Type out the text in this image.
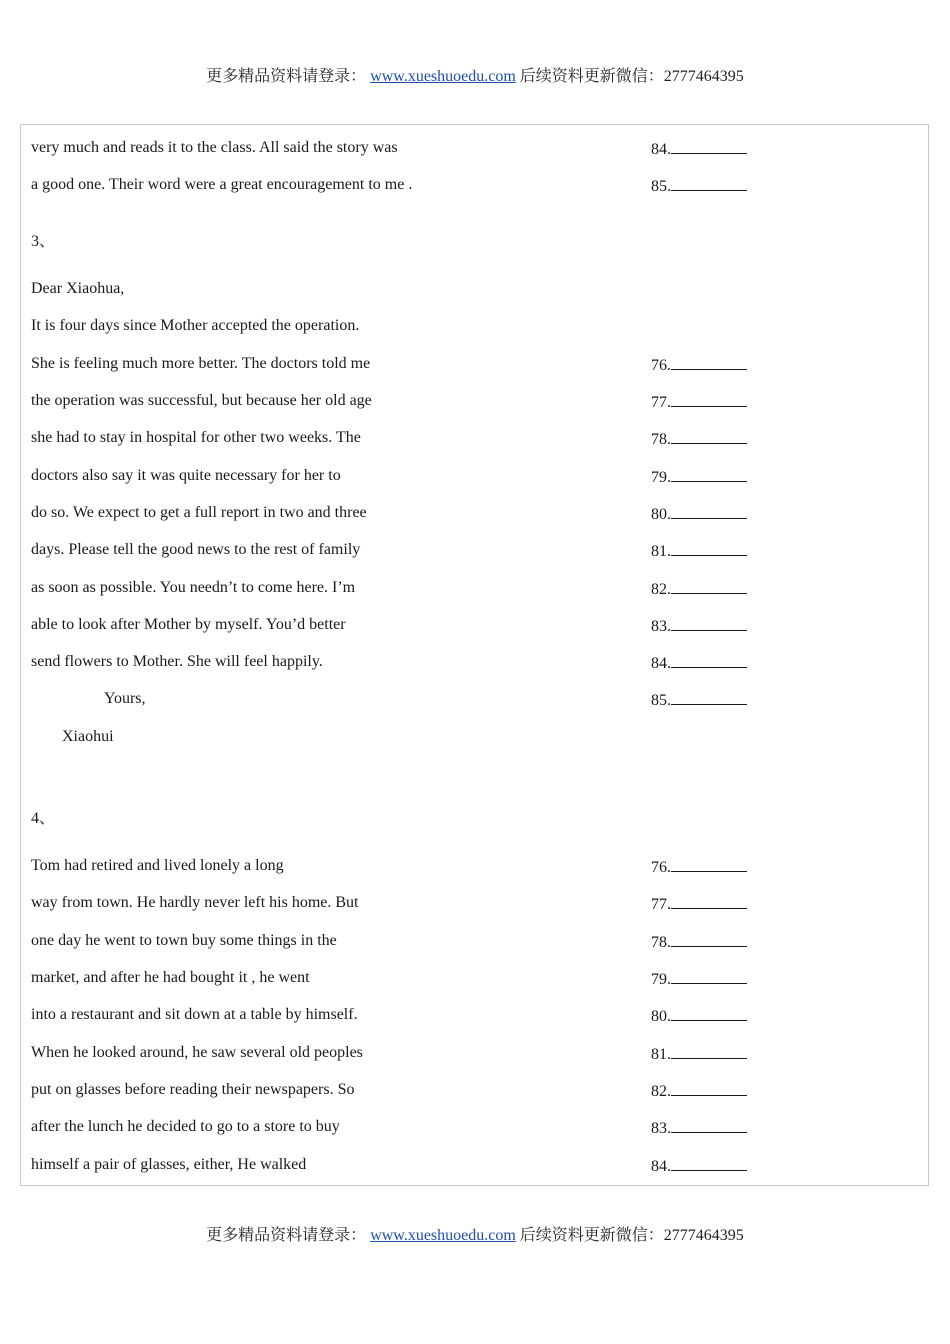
更多精品资料请登录： www.xueshuoedu.com 后续资料更新微信：2777464395
very much and reads it to the class. All said the story was	84.
a good one. Their word were a great encouragement to me .	85.
3、
Dear Xiaohua,
It is four days since Mother accepted the operation.
She is feeling much more better. The doctors told me	76.
the operation was successful, but because her old age	77.
she had to stay in hospital for other two weeks. The	78.
doctors also say it was quite necessary for her to	79.
do so. We expect to get a full report in two and three	80.
days. Please tell the good news to the rest of family	81.
as soon as possible. You needn’t to come here. I’m	82.
able to look after Mother by myself. You’d better	83.
send flowers to Mother. She will feel happily.	84.
Yours,	85.
Xiaohui
4、
Tom had retired and lived lonely a long	76.
way from town. He hardly never left his home. But	77.
one day he went to town buy some things in the	78.
market, and after he had bought it , he went	79.
into a restaurant and sit down at a table by himself.	80.
When he looked around, he saw several old peoples	81.
put on glasses before reading their newspapers. So	82.
after the lunch he decided to go to a store to buy	83.
himself a pair of glasses, either, He walked	84.
更多精品资料请登录： www.xueshuoedu.com 后续资料更新微信：2777464395
